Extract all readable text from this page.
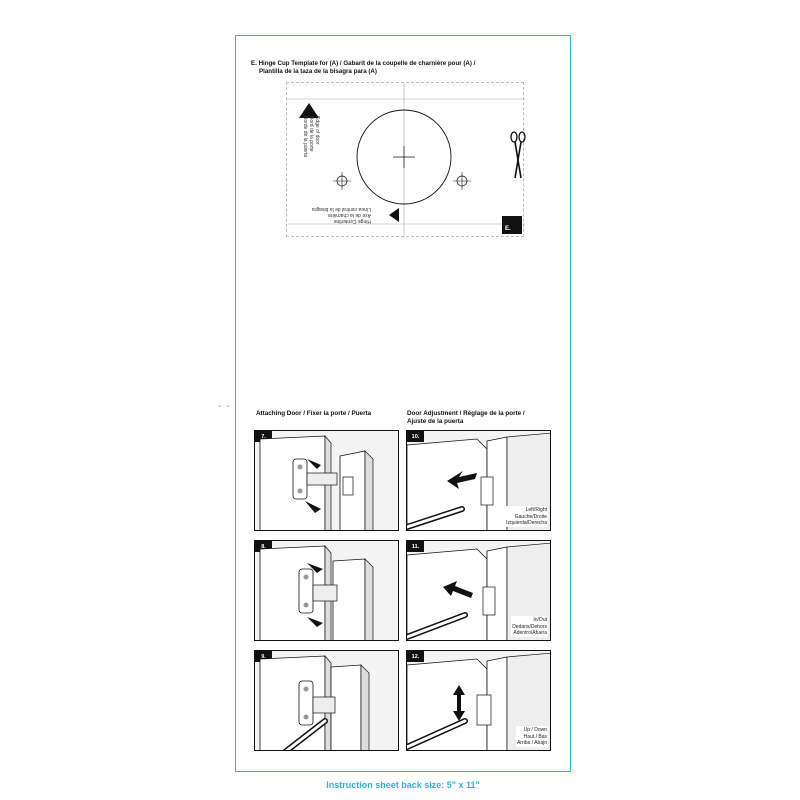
- -
E. Hinge Cup Template for (A) / Gabarit de la coupelle de charnière pour (A) /
Plantilla de la taza de la bisagra para (A)
Edge of door
Bord de la porte
Borde de la puerta
Hinge Centerline
Axe de la charnière
Línea central de la bisagra
E.
Attaching Door / Fixer la porte / Puerta	Door Adjustment / Réglage de la porte /
Ajuste de la puerta
7.
8.
9.
10.
Left/Right
Gauche/Droite
Izquierda/Derecha
11.
In/Out
Dedans/Dehors
Adentro/Afuera
12.
Up / Down
Haut / Bas
Arriba / Abajo
Instruction sheet back size: 5" x 11"
